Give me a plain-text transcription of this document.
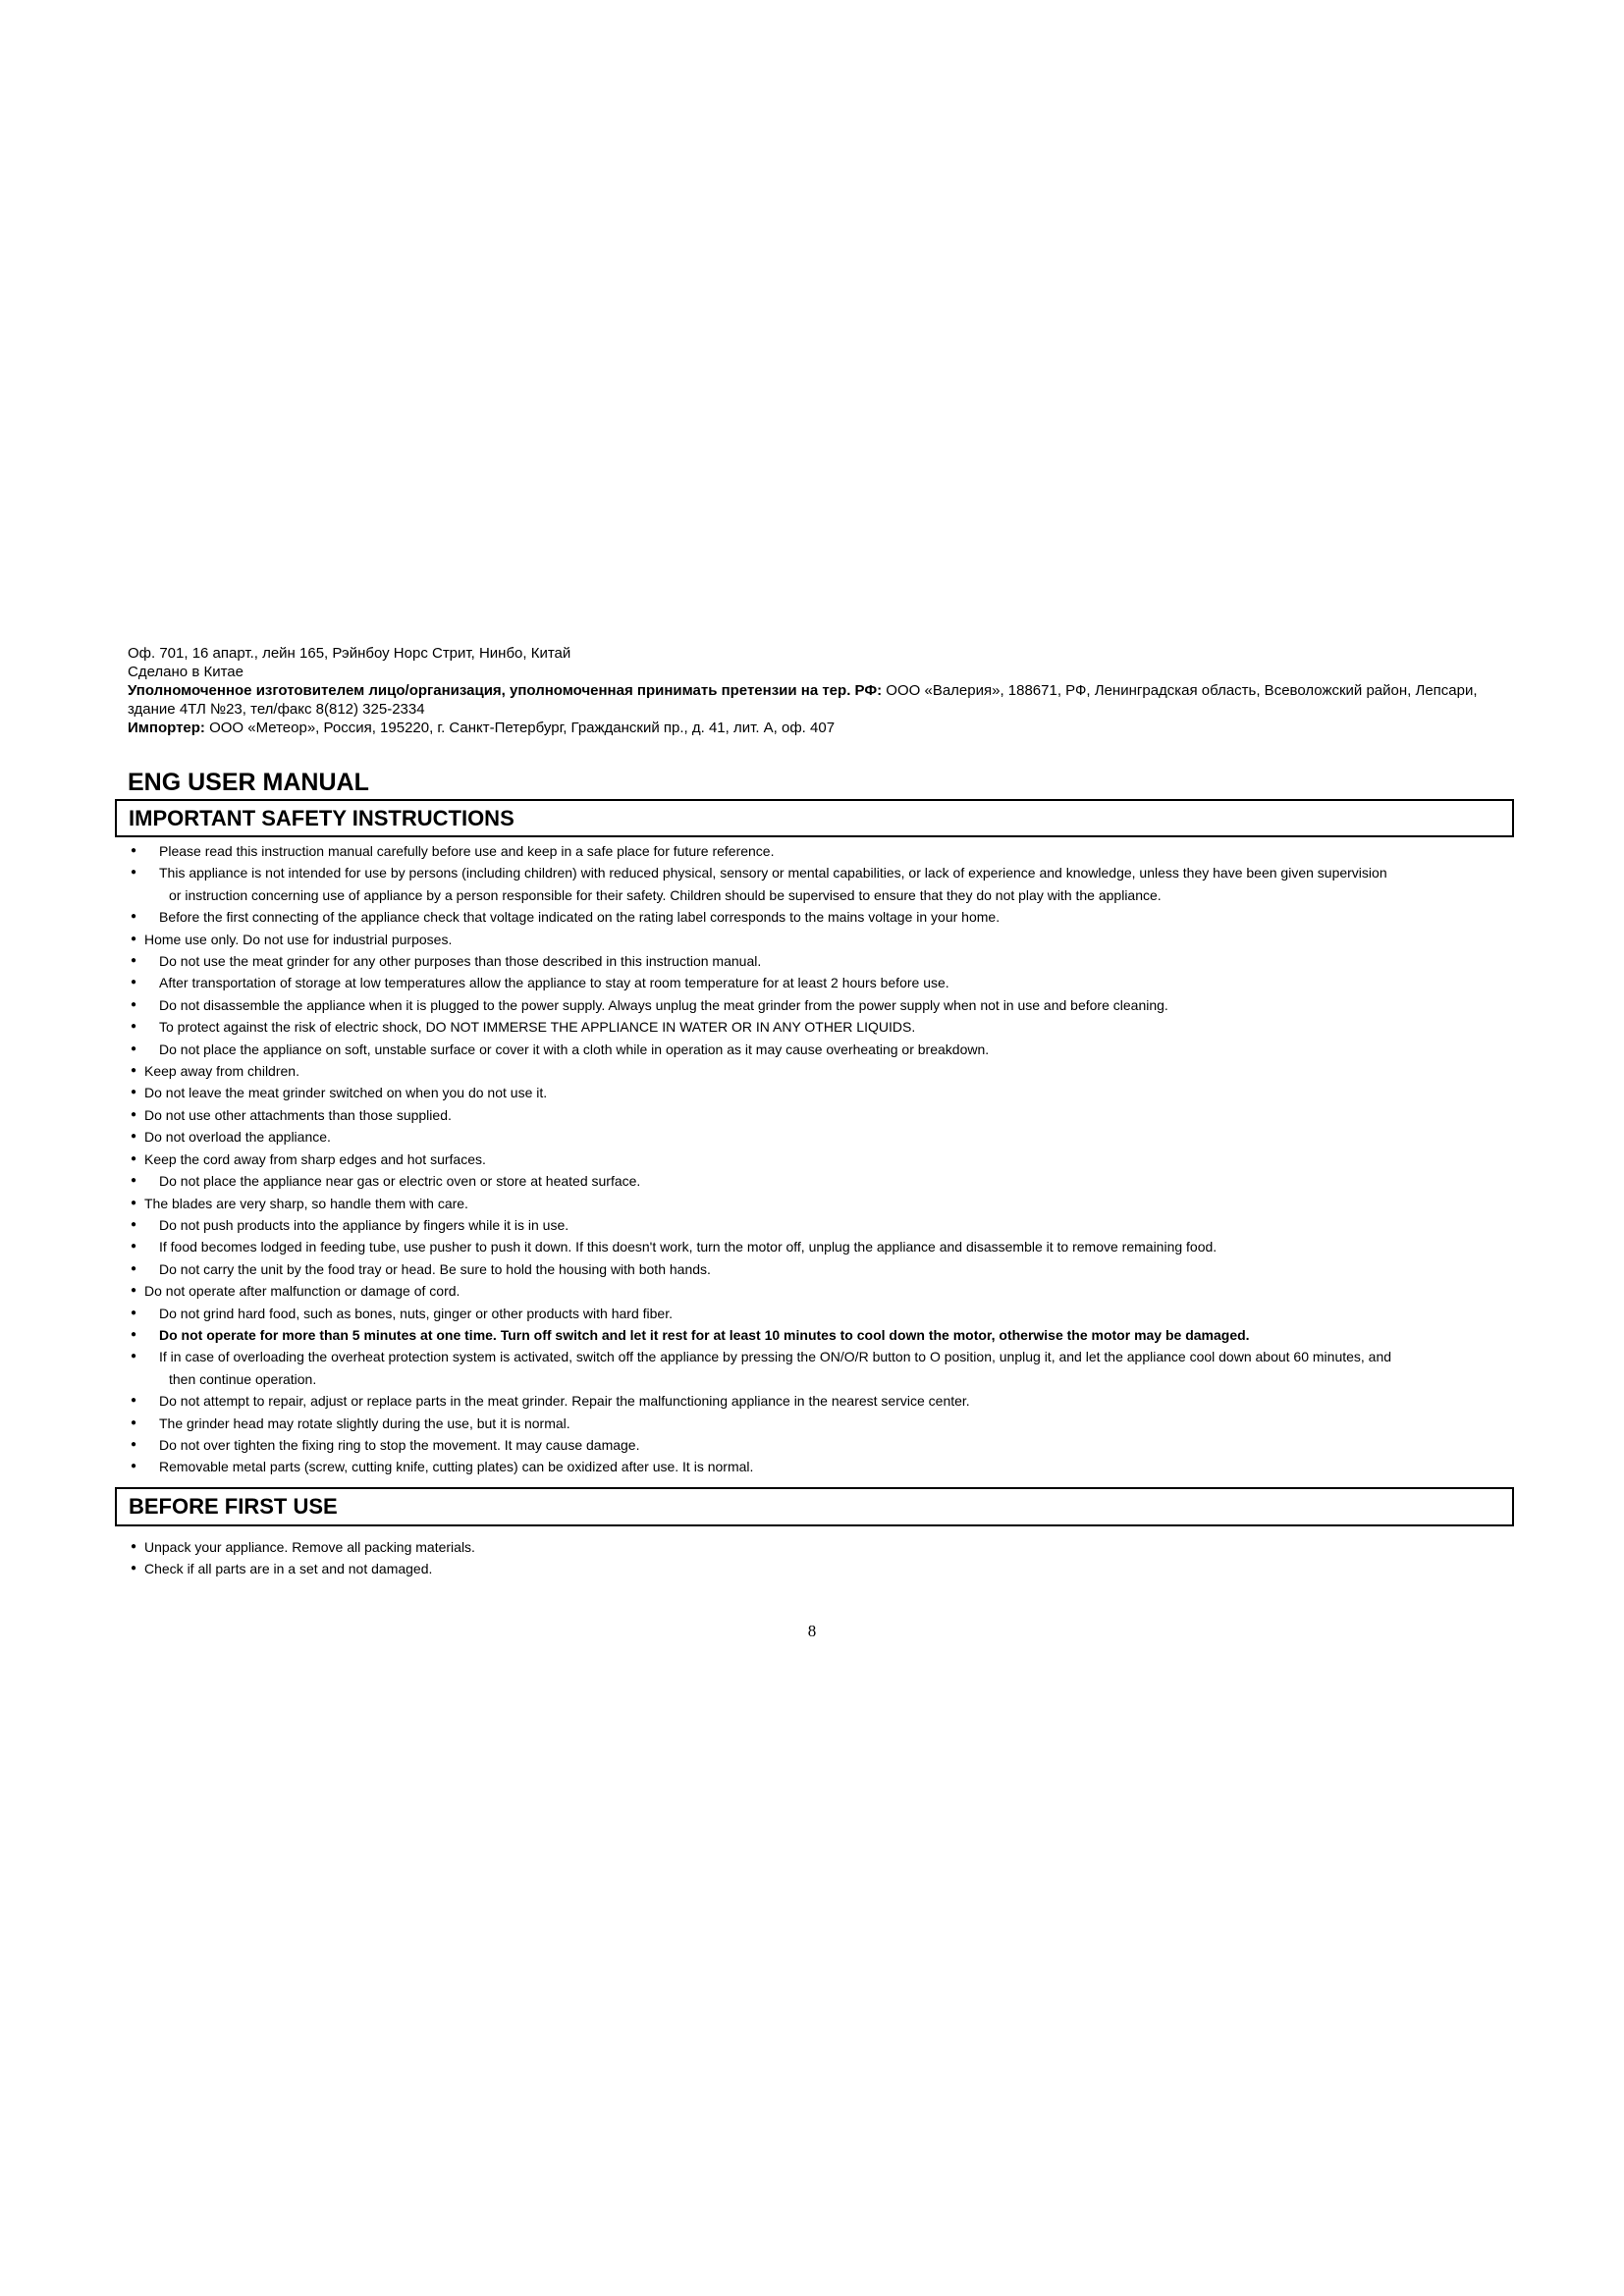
Оф. 701, 16 апарт., лейн 165, Рэйнбоу Норс Стрит, Нинбо, Китай
Сделано в Китае
Уполномоченное изготовителем лицо/организация, уполномоченная принимать претензии на тер. РФ: ООО «Валерия», 188671, РФ, Ленинградская область, Всеволожский район, Лепсари,
здание 4ТЛ №23, тел/факс 8(812) 325-2334
Импортер: ООО «Метеор», Россия, 195220, г. Санкт-Петербург, Гражданский пр., д. 41, лит. А, оф. 407
ENG USER MANUAL
IMPORTANT SAFETY INSTRUCTIONS
● Please read this instruction manual carefully before use and keep in a safe place for future reference.
● This appliance is not intended for use by persons (including children) with reduced physical, sensory or mental capabilities, or lack of experience and knowledge, unless they have been given supervision
or instruction concerning use of appliance by a person responsible for their safety. Children should be supervised to ensure that they do not play with the appliance.
● Before the first connecting of the appliance check that voltage indicated on the rating label corresponds to the mains voltage in your home.
● Home use only. Do not use for industrial purposes.
● Do not use the meat grinder for any other purposes than those described in this instruction manual.
● After transportation of storage at low temperatures allow the appliance to stay at room temperature for at least 2 hours before use.
● Do not disassemble the appliance when it is plugged to the power supply. Always unplug the meat grinder from the power supply when not in use and before cleaning.
● To protect against the risk of electric shock, DO NOT IMMERSE THE APPLIANCE IN WATER OR IN ANY OTHER LIQUIDS.
● Do not place the appliance on soft, unstable surface or cover it with a cloth while in operation as it may cause overheating or breakdown.
● Keep away from children.
● Do not leave the meat grinder switched on when you do not use it.
● Do not use other attachments than those supplied.
● Do not overload the appliance.
● Keep the cord away from sharp edges and hot surfaces.
● Do not place the appliance near gas or electric oven or store at heated surface.
● The blades are very sharp, so handle them with care.
● Do not push products into the appliance by fingers while it is in use.
● If food becomes lodged in feeding tube, use pusher to push it down. If this doesn't work, turn the motor off, unplug the appliance and disassemble it to remove remaining food.
● Do not carry the unit by the food tray or head. Be sure to hold the housing with both hands.
● Do not operate after malfunction or damage of cord.
● Do not grind hard food, such as bones, nuts, ginger or other products with hard fiber.
● Do not operate for more than 5 minutes at one time. Turn off switch and let it rest for at least 10 minutes to cool down the motor, otherwise the motor may be damaged.
● If in case of overloading the overheat protection system is activated, switch off the appliance by pressing the ON/O/R button to O position, unplug it, and let the appliance cool down about 60 minutes, and
then continue operation.
● Do not attempt to repair, adjust or replace parts in the meat grinder. Repair the malfunctioning appliance in the nearest service center.
● The grinder head may rotate slightly during the use, but it is normal.
● Do not over tighten the fixing ring to stop the movement. It may cause damage.
● Removable metal parts (screw, cutting knife, cutting plates) can be oxidized after use. It is normal.
BEFORE FIRST USE
● Unpack your appliance. Remove all packing materials.
● Check if all parts are in a set and not damaged.
8
